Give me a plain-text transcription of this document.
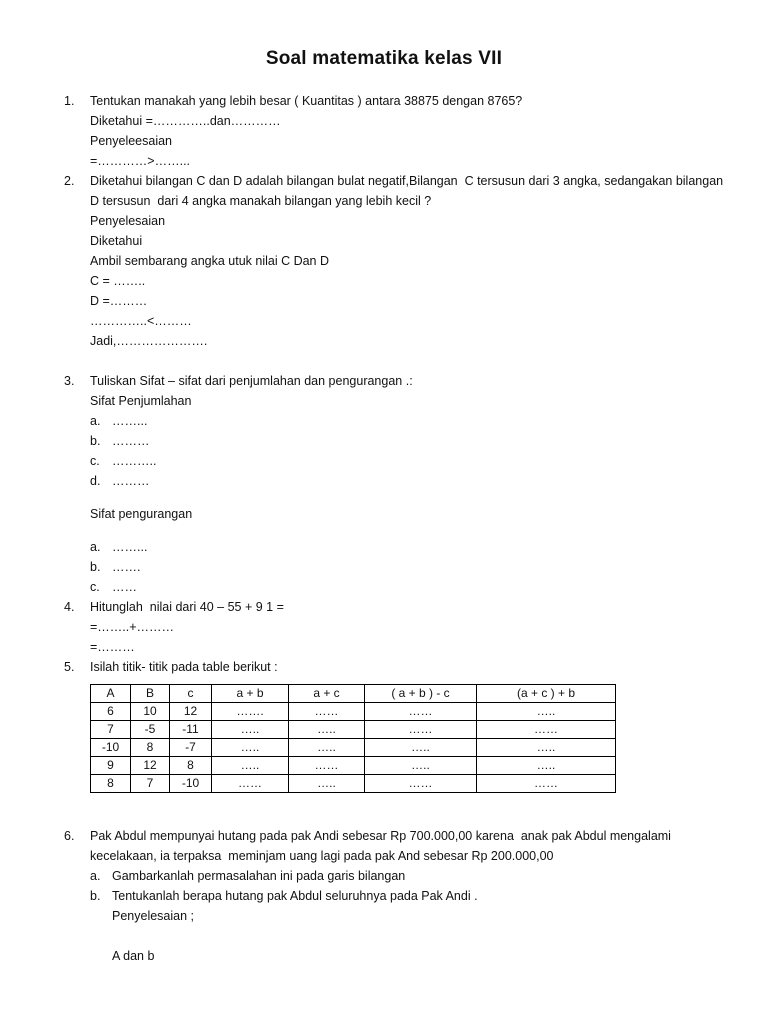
Soal matematika kelas VII
1. Tentukan manakah yang lebih besar ( Kuantitas ) antara 38875 dengan 8765?
Diketahui =…………..dan…………
Penyeleesaian
=…………>……...
2. Diketahui bilangan C dan D adalah bilangan bulat negatif,Bilangan  C tersusun dari 3 angka, sedangakan bilangan
D tersusun  dari 4 angka manakah bilangan yang lebih kecil ?
Penyelesaian
Diketahui
Ambil sembarang angka utuk nilai C Dan D
C = ……..
D =………
…………..<………
Jadi,………………….
3. Tuliskan Sifat – sifat dari penjumlahan dan pengurangan .:
Sifat Penjumlahan
a. ……...
b. ………
c. ………..
d. ………
Sifat pengurangan
a. ……...
b. …….
c. ……
4. Hitunglah  nilai dari 40 – 55 + 9 1 =
=……..+………
=………
5. Isilah titik- titik pada table berikut :
A	B	c	a + b	a + c	( a + b ) - c	(a + c ) + b
6	10	12	…….	……	……	…..
7	-5	-11	…..	…..	……	……
-10	8	-7	…..	…..	…..	…..
9	12	8	…..	……	…..	…..
8	7	-10	……	…..	……	……
6. Pak Abdul mempunyai hutang pada pak Andi sebesar Rp 700.000,00 karena  anak pak Abdul mengalami
kecelakaan, ia terpaksa  meminjam uang lagi pada pak And sebesar Rp 200.000,00
a. Gambarkanlah permasalahan ini pada garis bilangan
b. Tentukanlah berapa hutang pak Abdul seluruhnya pada Pak Andi .
Penyelesaian ;
A dan b
